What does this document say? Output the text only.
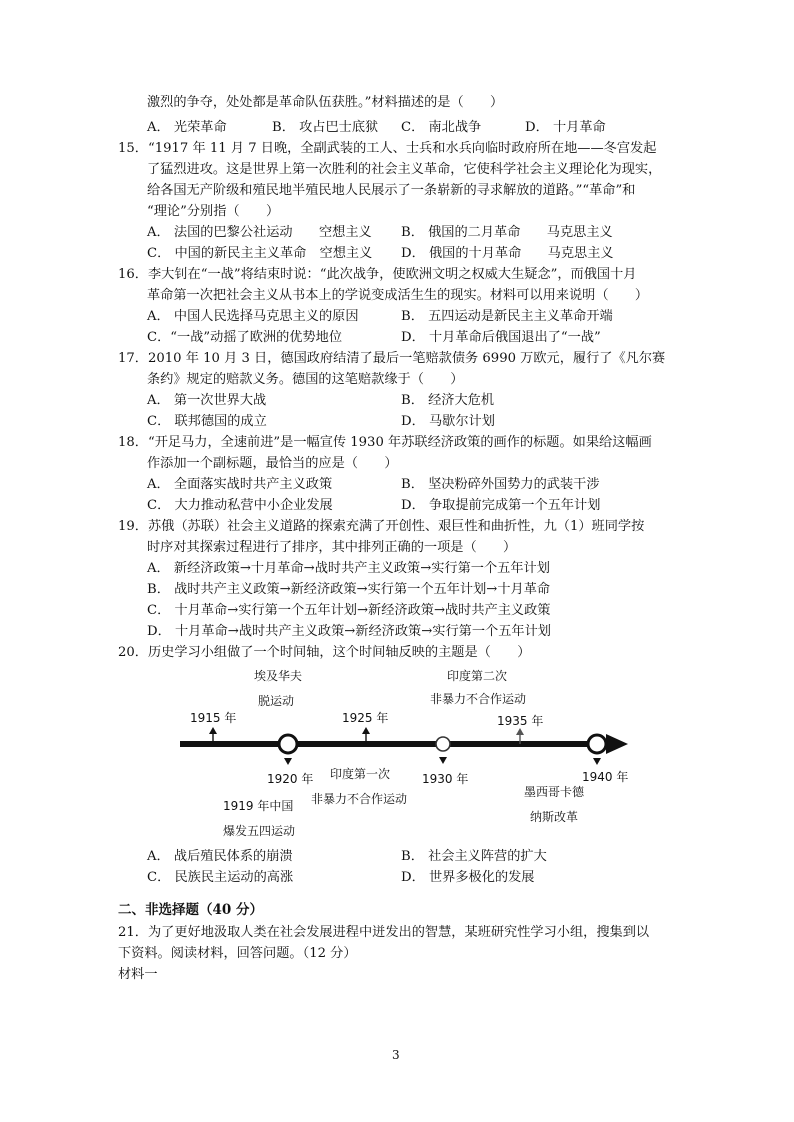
激烈的争夺，处处都是革命队伍获胜。”材料描述的是（　　）
A． 光荣革命	B． 攻占巴士底狱 C． 南北战争	D． 十月革命
15．“1917 年 11 月 7 日晚，全副武装的工人、士兵和水兵向临时政府所在地——冬宫发起
了猛烈进攻。这是世界上第一次胜利的社会主义革命，它使科学社会主义理论化为现实，
给各国无产阶级和殖民地半殖民地人民展示了一条崭新的寻求解放的道路。”“革命”和
“理论”分别指（　　）
A． 法国的巴黎公社运动　　空想主义 B． 俄国的二月革命　　马克思主义
C． 中国的新民主主义革命　空想主义 D． 俄国的十月革命　　马克思主义
16．李大钊在“一战”将结束时说：“此次战争，使欧洲文明之权威大生疑念”，而俄国十月
革命第一次把社会主义从书本上的学说变成活生生的现实。材料可以用来说明（　　）
A． 中国人民选择马克思主义的原因	B． 五四运动是新民主主义革命开端
C．“一战”动摇了欧洲的优势地位	D． 十月革命后俄国退出了“一战”
17．2010 年 10 月 3 日，德国政府结清了最后一笔赔款债务 6990 万欧元，履行了《凡尔赛
条约》规定的赔款义务。德国的这笔赔款缘于（　　）
A． 第一次世界大战	B． 经济大危机
C． 联邦德国的成立	D． 马歇尔计划
18．“开足马力，全速前进”是一幅宣传 1930 年苏联经济政策的画作的标题。如果给这幅画
作添加一个副标题，最恰当的应是（　　）
A． 全面落实战时共产主义政策	B． 坚决粉碎外国势力的武装干涉
C． 大力推动私营中小企业发展	D． 争取提前完成第一个五年计划
19．苏俄（苏联）社会主义道路的探索充满了开创性、艰巨性和曲折性，九（1）班同学按
时序对其探索过程进行了排序，其中排列正确的一项是（　　）
A． 新经济政策→十月革命→战时共产主义政策→实行第一个五年计划
B． 战时共产主义政策→新经济政策→实行第一个五年计划→十月革命
C． 十月革命→实行第一个五年计划→新经济政策→战时共产主义政策
D． 十月革命→战时共产主义政策→新经济政策→实行第一个五年计划
20．历史学习小组做了一个时间轴，这个时间轴反映的主题是（　　）
埃及华夫
脱运动
印度第二次
非暴力不合作运动
1915 年	1925 年	1935 年
1920 年	1930 年	1940 年
印度第一次
非暴力不合作运动	墨西哥卡德
纳斯改革
1919 年中国
爆发五四运动
A． 战后殖民体系的崩溃	B． 社会主义阵营的扩大
C． 民族民主运动的高涨	D． 世界多极化的发展
二、非选择题（40 分）
21．为了更好地汲取人类在社会发展进程中迸发出的智慧，某班研究性学习小组，搜集到以
下资料。阅读材料，回答问题。（12 分）
材料一
3
